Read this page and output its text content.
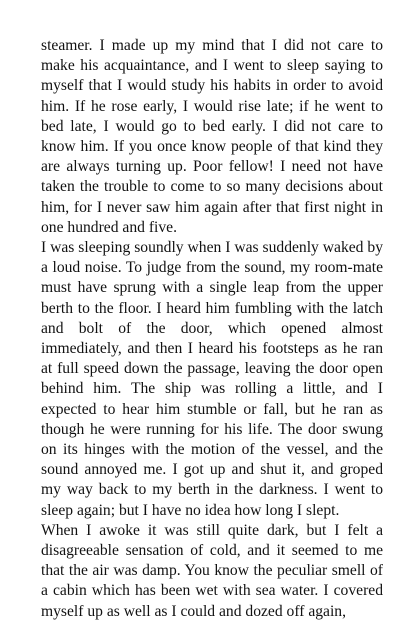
steamer. I made up my mind that I did not care to make his acquaintance, and I went to sleep saying to myself that I would study his habits in order to avoid him. If he rose early, I would rise late; if he went to bed late, I would go to bed early. I did not care to know him. If you once know people of that kind they are always turning up. Poor fellow! I need not have taken the trouble to come to so many decisions about him, for I never saw him again after that first night in one hundred and five.

I was sleeping soundly when I was suddenly waked by a loud noise. To judge from the sound, my room-mate must have sprung with a single leap from the upper berth to the floor. I heard him fumbling with the latch and bolt of the door, which opened almost immediately, and then I heard his footsteps as he ran at full speed down the passage, leaving the door open behind him. The ship was rolling a little, and I expected to hear him stumble or fall, but he ran as though he were running for his life. The door swung on its hinges with the motion of the vessel, and the sound annoyed me. I got up and shut it, and groped my way back to my berth in the darkness. I went to sleep again; but I have no idea how long I slept.

When I awoke it was still quite dark, but I felt a disagreeable sensation of cold, and it seemed to me that the air was damp. You know the peculiar smell of a cabin which has been wet with sea water. I covered myself up as well as I could and dozed off again,
